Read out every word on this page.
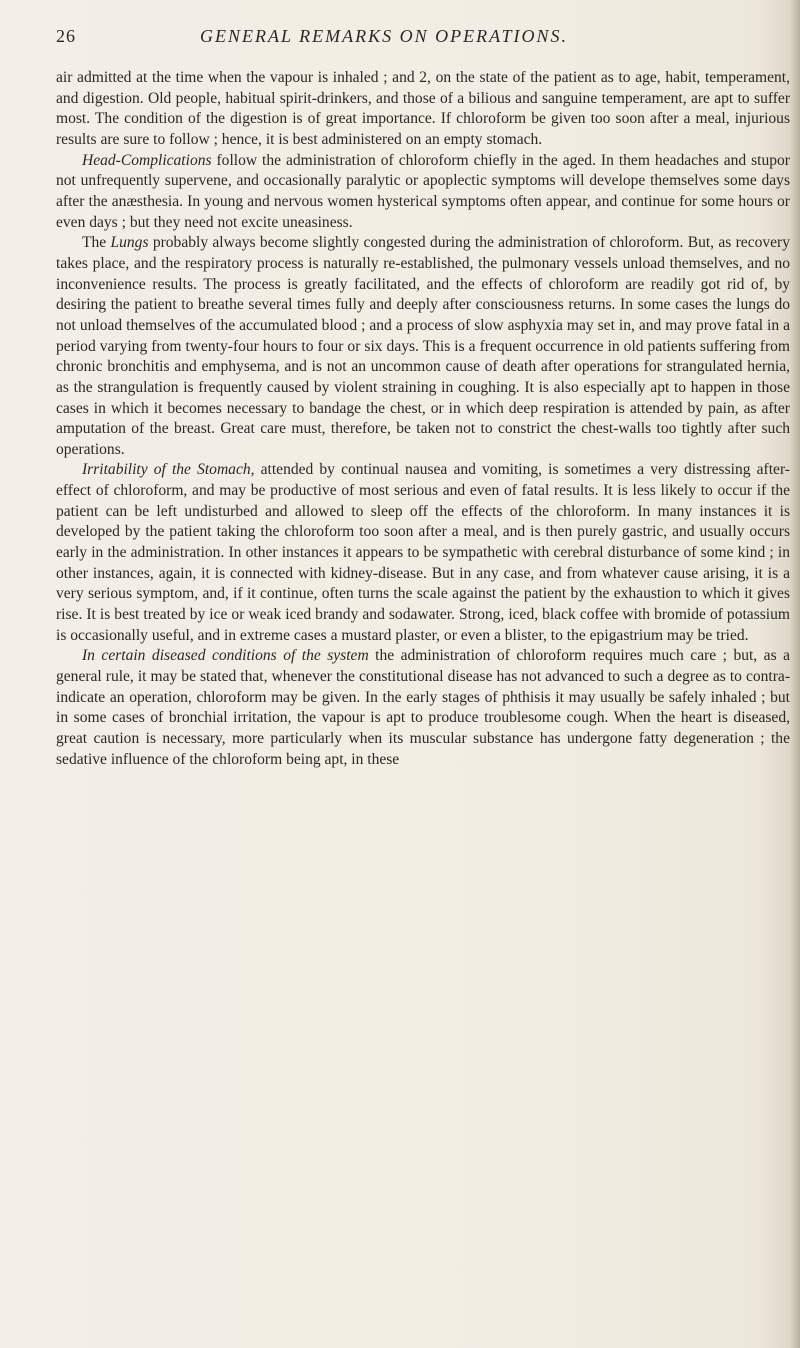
26	GENERAL REMARKS ON OPERATIONS.

air admitted at the time when the vapour is inhaled ; and 2, on the state of the patient as to age, habit, temperament, and digestion. Old people, habitual spirit-drinkers, and those of a bilious and sanguine temperament, are apt to suffer most. The condition of the digestion is of great importance. If chloroform be given too soon after a meal, injurious results are sure to follow ; hence, it is best administered on an empty stomach.

Head-Complications follow the administration of chloroform chiefly in the aged. In them headaches and stupor not unfrequently supervene, and occasionally paralytic or apoplectic symptoms will develope themselves some days after the anæsthesia. In young and nervous women hysterical symptoms often appear, and continue for some hours or even days ; but they need not excite uneasiness.

The Lungs probably always become slightly congested during the administration of chloroform. But, as recovery takes place, and the respiratory process is naturally re-established, the pulmonary vessels unload themselves, and no inconvenience results. The process is greatly facilitated, and the effects of chloroform are readily got rid of, by desiring the patient to breathe several times fully and deeply after consciousness returns. In some cases the lungs do not unload themselves of the accumulated blood ; and a process of slow asphyxia may set in, and may prove fatal in a period varying from twenty-four hours to four or six days. This is a frequent occurrence in old patients suffering from chronic bronchitis and emphysema, and is not an uncommon cause of death after operations for strangulated hernia, as the strangulation is frequently caused by violent straining in coughing. It is also especially apt to happen in those cases in which it becomes necessary to bandage the chest, or in which deep respiration is attended by pain, as after amputation of the breast. Great care must, therefore, be taken not to constrict the chest-walls too tightly after such operations.

Irritability of the Stomach, attended by continual nausea and vomiting, is sometimes a very distressing after-effect of chloroform, and may be productive of most serious and even of fatal results. It is less likely to occur if the patient can be left undisturbed and allowed to sleep off the effects of the chloroform. In many instances it is developed by the patient taking the chloroform too soon after a meal, and is then purely gastric, and usually occurs early in the administration. In other instances it appears to be sympathetic with cerebral disturbance of some kind ; in other instances, again, it is connected with kidney-disease. But in any case, and from whatever cause arising, it is a very serious symptom, and, if it continue, often turns the scale against the patient by the exhaustion to which it gives rise. It is best treated by ice or weak iced brandy and sodawater. Strong, iced, black coffee with bromide of potassium is occasionally useful, and in extreme cases a mustard plaster, or even a blister, to the epigastrium may be tried.

In certain diseased conditions of the system the administration of chloroform requires much care ; but, as a general rule, it may be stated that, whenever the constitutional disease has not advanced to such a degree as to contra-indicate an operation, chloroform may be given. In the early stages of phthisis it may usually be safely inhaled ; but in some cases of bronchial irritation, the vapour is apt to produce troublesome cough. When the heart is diseased, great caution is necessary, more particularly when its muscular substance has undergone fatty degeneration ; the sedative influence of the chloroform being apt, in these
